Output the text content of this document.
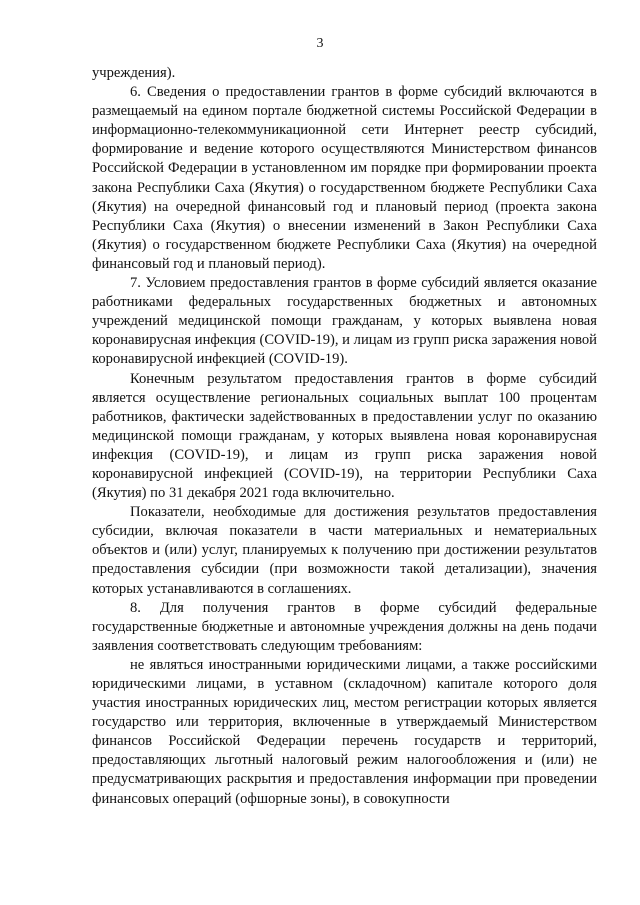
3

учреждения).

6. Сведения о предоставлении грантов в форме субсидий включаются в размещаемый на едином портале бюджетной системы Российской Федерации в информационно-телекоммуникационной сети Интернет реестр субсидий, формирование и ведение которого осуществляются Министерством финансов Российской Федерации в установленном им порядке при формировании проекта закона Республики Саха (Якутия) о государственном бюджете Республики Саха (Якутия) на очередной финансовый год и плановый период (проекта закона Республики Саха (Якутия) о внесении изменений в Закон Республики Саха (Якутия) о государственном бюджете Республики Саха (Якутия) на очередной финансовый год и плановый период).

7. Условием предоставления грантов в форме субсидий является оказание работниками федеральных государственных бюджетных и автономных учреждений медицинской помощи гражданам, у которых выявлена новая коронавирусная инфекция (COVID-19), и лицам из групп риска заражения новой коронавирусной инфекцией (COVID-19).

Конечным результатом предоставления грантов в форме субсидий является осуществление региональных социальных выплат 100 процентам работников, фактически задействованных в предоставлении услуг по оказанию медицинской помощи гражданам, у которых выявлена новая коронавирусная инфекция (COVID-19), и лицам из групп риска заражения новой коронавирусной инфекцией (COVID-19), на территории Республики Саха (Якутия) по 31 декабря 2021 года включительно.

Показатели, необходимые для достижения результатов предоставления субсидии, включая показатели в части материальных и нематериальных объектов и (или) услуг, планируемых к получению при достижении результатов предоставления субсидии (при возможности такой детализации), значения которых устанавливаются в соглашениях.

8. Для получения грантов в форме субсидий федеральные государственные бюджетные и автономные учреждения должны на день подачи заявления соответствовать следующим требованиям:

не являться иностранными юридическими лицами, а также российскими юридическими лицами, в уставном (складочном) капитале которого доля участия иностранных юридических лиц, местом регистрации которых является государство или территория, включенные в утверждаемый Министерством финансов Российской Федерации перечень государств и территорий, предоставляющих льготный налоговый режим налогообложения и (или) не предусматривающих раскрытия и предоставления информации при проведении финансовых операций (офшорные зоны), в совокупности
